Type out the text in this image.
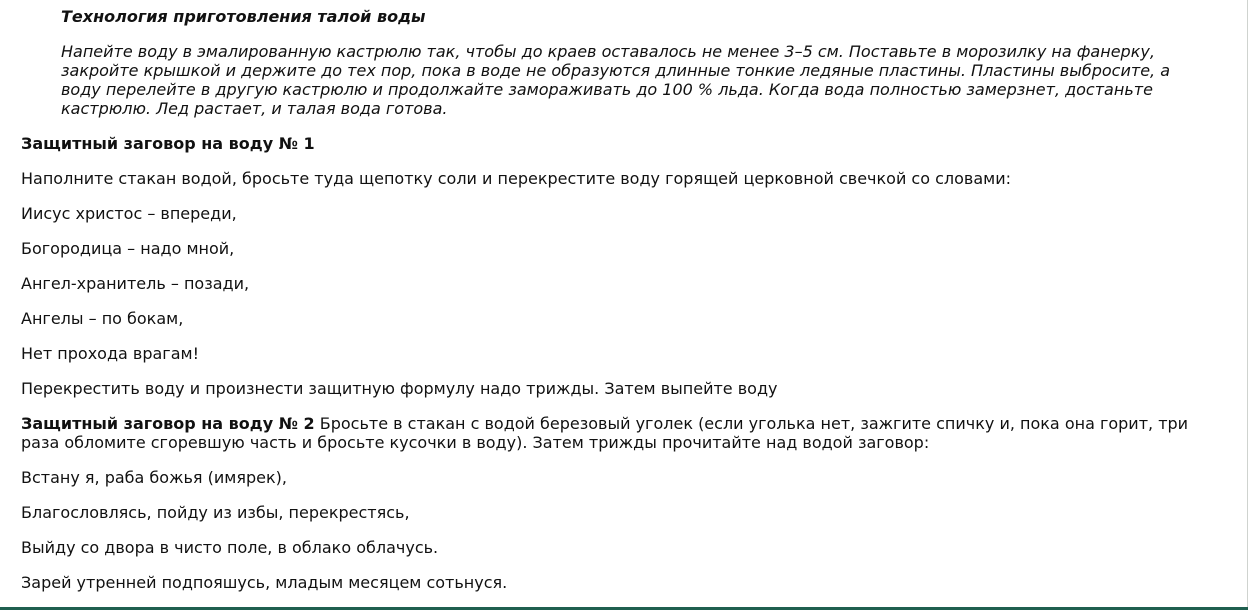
Технология приготовления талой воды

Напейте воду в эмалированную кастрюлю так, чтобы до краев оставалось не менее 3–5 см. Поставьте в морозилку на фанерку, закройте крышкой и держите до тех пор, пока в воде не образуются длинные тонкие ледяные пластины. Пластины выбросите, а воду перелейте в другую кастрюлю и продолжайте замораживать до 100 % льда. Когда вода полностью замерзнет, достаньте кастрюлю. Лед растает, и талая вода готова.

Защитный заговор на воду № 1

Наполните стакан водой, бросьте туда щепотку соли и перекрестите воду горящей церковной свечкой со словами:

Иисус христос – впереди,

Богородица – надо мной,

Ангел-хранитель – позади,

Ангелы – по бокам,

Нет прохода врагам!

Перекрестить воду и произнести защитную формулу надо трижды. Затем выпейте воду

Защитный заговор на воду № 2 Бросьте в стакан с водой березовый уголек (если уголька нет, зажгите спичку и, пока она горит, три раза обломите сгоревшую часть и бросьте кусочки в воду). Затем трижды прочитайте над водой заговор:

Встану я, раба божья (имярек),

Благословлясь, пойду из избы, перекрестясь,

Выйду со двора в чисто поле, в облако облачусь.

Зарей утренней подпояшусь, младым месяцем сотьнуся.
